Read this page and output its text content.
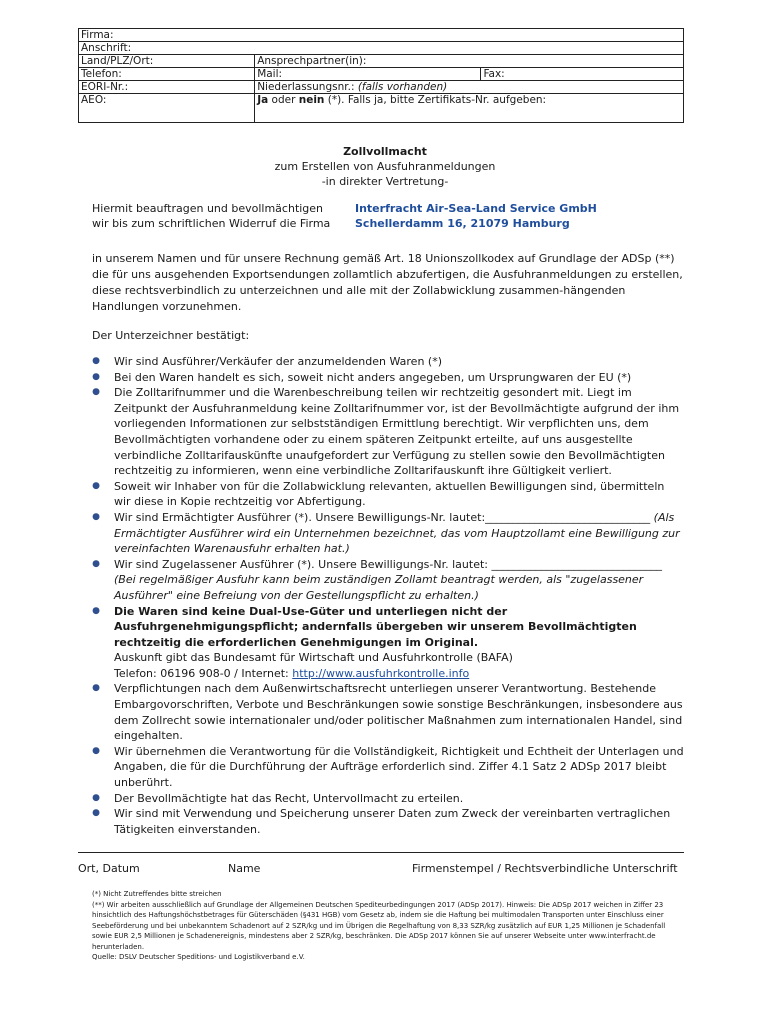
Firma:		
Anschrift:		
Land/PLZ/Ort:	Ansprechpartner(in):	
Telefon:	Mail:	Fax:
EORI-Nr.:	Niederlassungsnr.: (falls vorhanden)	
AEO:	Ja oder nein (*). Falls ja, bitte Zertifikats-Nr. aufgeben:	
Zollvollmacht
zum Erstellen von Ausfuhranmeldungen
-in direkter Vertretung-
Hiermit beauftragen und bevollmächtigen
wir bis zum schriftlichen Widerruf die Firma
Interfracht Air-Sea-Land Service GmbH
Schellerdamm 16, 21079 Hamburg
in unserem Namen und für unsere Rechnung gemäß Art. 18 Unionszollkodex auf Grundlage der ADSp (**) die für uns ausgehenden Exportsendungen zollamtlich abzufertigen, die Ausfuhranmeldungen zu erstellen, diese rechtsverbindlich zu unterzeichnen und alle mit der Zollabwicklung zusammen-hängenden Handlungen vorzunehmen.
Der Unterzeichner bestätigt:
● Wir sind Ausführer/Verkäufer der anzumeldenden Waren (*)
● Bei den Waren handelt es sich, soweit nicht anders angegeben, um Ursprungwaren der EU (*)
● Die Zolltarifnummer und die Warenbeschreibung teilen wir rechtzeitig gesondert mit. Liegt im Zeitpunkt der Ausfuhranmeldung keine Zolltarifnummer vor, ist der Bevollmächtigte aufgrund der ihm vorliegenden Informationen zur selbstständigen Ermittlung berechtigt. Wir verpflichten uns, dem Bevollmächtigten vorhandene oder zu einem späteren Zeitpunkt erteilte, auf uns ausgestellte verbindliche Zolltarifauskünfte unaufgefordert zur Verfügung zu stellen sowie den Bevollmächtigten rechtzeitig zu informieren, wenn eine verbindliche Zolltarifauskunft ihre Gültigkeit verliert.
● Soweit wir Inhaber von für die Zollabwicklung relevanten, aktuellen Bewilligungen sind, übermitteln wir diese in Kopie rechtzeitig vor Abfertigung.
● Wir sind Ermächtigter Ausführer (*). Unsere Bewilligungs-Nr. lautet:______________________________ (Als Ermächtigter Ausführer wird ein Unternehmen bezeichnet, das vom Hauptzollamt eine Bewilligung zur vereinfachten Warenausfuhr erhalten hat.)
● Wir sind Zugelassener Ausführer (*). Unsere Bewilligungs-Nr. lautet: _______________________________
(Bei regelmäßiger Ausfuhr kann beim zuständigen Zollamt beantragt werden, als "zugelassener Ausführer" eine Befreiung von der Gestellungspflicht zu erhalten.)
● Die Waren sind keine Dual-Use-Güter und unterliegen nicht der Ausfuhrgenehmigungspflicht; andernfalls übergeben wir unserem Bevollmächtigten rechtzeitig die erforderlichen Genehmigungen im Original.
Auskunft gibt das Bundesamt für Wirtschaft und Ausfuhrkontrolle (BAFA)
Telefon: 06196 908-0 / Internet: http://www.ausfuhrkontrolle.info
● Verpflichtungen nach dem Außenwirtschaftsrecht unterliegen unserer Verantwortung. Bestehende Embargovorschriften, Verbote und Beschränkungen sowie sonstige Beschränkungen, insbesondere aus dem Zollrecht sowie internationaler und/oder politischer Maßnahmen zum internationalen Handel, sind eingehalten.
● Wir übernehmen die Verantwortung für die Vollständigkeit, Richtigkeit und Echtheit der Unterlagen und Angaben, die für die Durchführung der Aufträge erforderlich sind. Ziffer 4.1 Satz 2 ADSp 2017 bleibt unberührt.
● Der Bevollmächtigte hat das Recht, Untervollmacht zu erteilen.
● Wir sind mit Verwendung und Speicherung unserer Daten zum Zweck der vereinbarten vertraglichen Tätigkeiten einverstanden.
Ort, Datum	Name	Firmenstempel / Rechtsverbindliche Unterschrift
(*) Nicht Zutreffendes bitte streichen
(**) Wir arbeiten ausschließlich auf Grundlage der Allgemeinen Deutschen Spediteurbedingungen 2017 (ADSp 2017). Hinweis: Die ADSp 2017 weichen in Ziffer 23 hinsichtlich des Haftungshöchstbetrages für Güterschäden (§431 HGB) vom Gesetz ab, indem sie die Haftung bei multimodalen Transporten unter Einschluss einer Seebeförderung und bei unbekanntem Schadenort auf 2 SZR/kg und im Übrigen die Regelhaftung von 8,33 SZR/kg zusätzlich auf EUR 1,25 Millionen je Schadenfall sowie EUR 2,5 Millionen je Schadenereignis, mindestens aber 2 SZR/kg, beschränken. Die ADSp 2017 können Sie auf unserer Webseite unter www.interfracht.de herunterladen.
Quelle: DSLV Deutscher Speditions- und Logistikverband e.V.
